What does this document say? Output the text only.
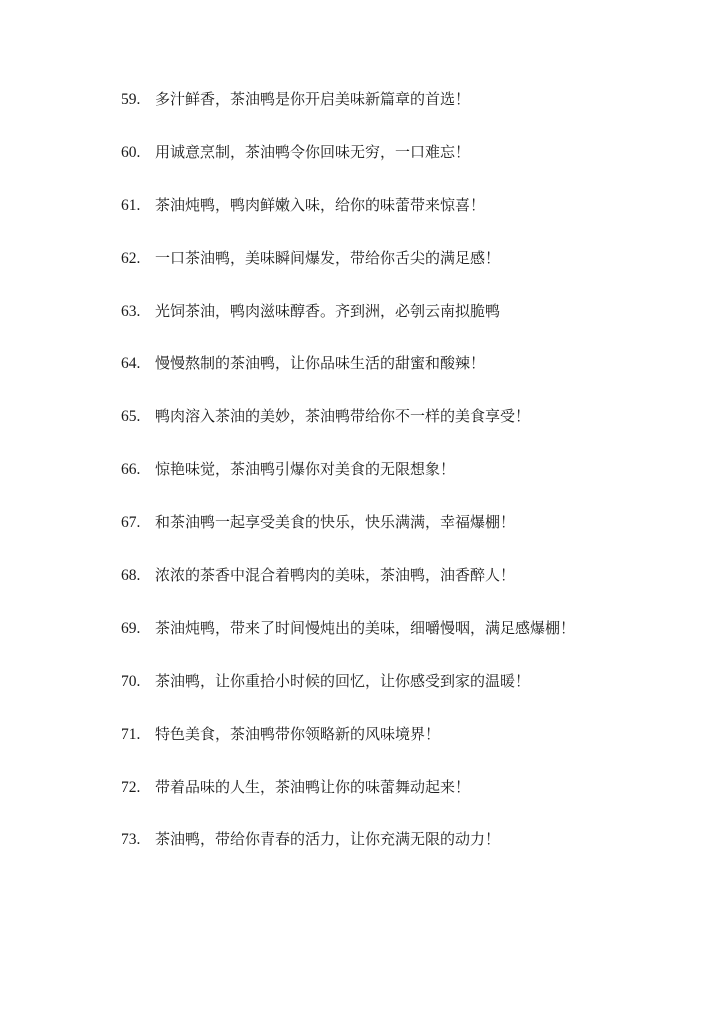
59. 多汁鲜香，茶油鸭是你开启美味新篇章的首选！
60. 用诚意烹制，茶油鸭令你回味无穷，一口难忘！
61. 茶油炖鸭，鸭肉鲜嫩入味，给你的味蕾带来惊喜！
62. 一口茶油鸭，美味瞬间爆发，带给你舌尖的满足感！
63. 光饲茶油，鸭肉滋味醇香。齐到洲，必刳云南拟脆鸭
64. 慢慢熬制的茶油鸭，让你品味生活的甜蜜和酸辣！
65. 鸭肉溶入茶油的美妙，茶油鸭带给你不一样的美食享受！
66. 惊艳味觉，茶油鸭引爆你对美食的无限想象！
67. 和茶油鸭一起享受美食的快乐，快乐满满，幸福爆棚！
68. 浓浓的茶香中混合着鸭肉的美味，茶油鸭，油香醉人！
69. 茶油炖鸭，带来了时间慢炖出的美味，细嚼慢咽，满足感爆棚！
70. 茶油鸭，让你重拾小时候的回忆，让你感受到家的温暖！
71. 特色美食，茶油鸭带你领略新的风味境界！
72. 带着品味的人生，茶油鸭让你的味蕾舞动起来！
73. 茶油鸭，带给你青春的活力，让你充满无限的动力！
